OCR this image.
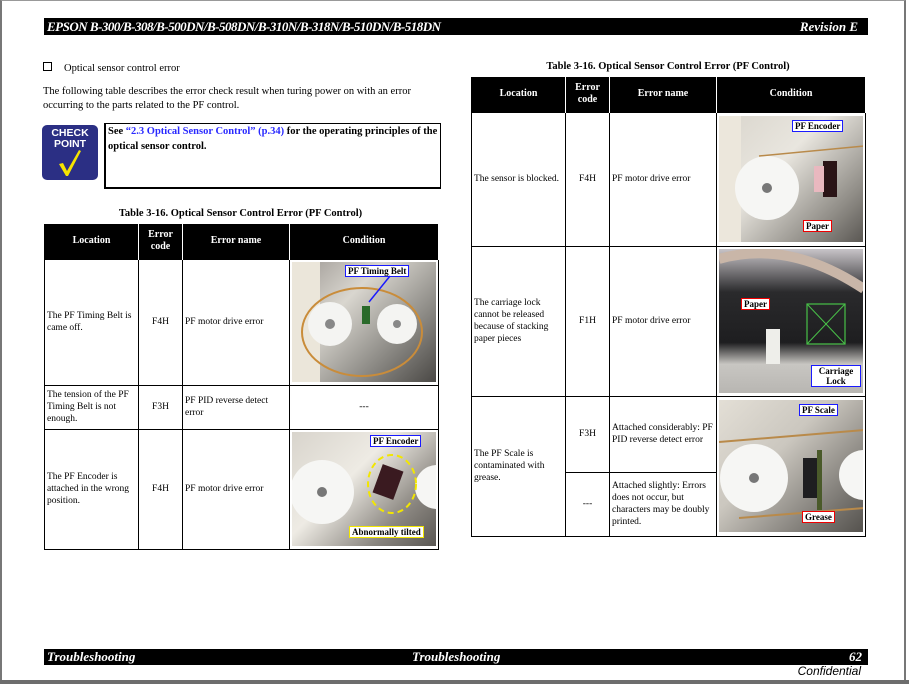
EPSON B-300/B-308/B-500DN/B-508DN/B-310N/B-318N/B-510DN/B-518DN	Revision E
Optical sensor control error
The following table describes the error check result when turing power on with an error occurring to the parts related to the PF control.
CHECK
POINT
See “2.3 Optical Sensor Control” (p.34) for the operating principles of the optical sensor control.
Table 3-16. Optical Sensor Control Error (PF Control)
Location	Error code	Error name	Condition
The PF Timing Belt is came off.	F4H	PF motor drive error	PF Timing Belt

The tension of the PF Timing Belt is not enough.	F3H	PF PID reverse detect error	---
The PF Encoder is attached in the wrong position.	F4H	PF motor drive error	PF Encoder
Abnormally tilted
Table 3-16. Optical Sensor Control Error (PF Control)
Location	Error code	Error name	Condition
The sensor is blocked.	F4H	PF motor drive error	PF Encoder
Paper

The carriage lock cannot be released because of stacking paper pieces	F1H	PF motor drive error	Paper
Carriage Lock

The PF Scale is contaminated with grease.	F3H	Attached considerably: PF PID reverse detect error	PF Scale
Grease

	---	Attached slightly: Errors does not occur, but characters may be doubly printed.	
Troubleshooting	Troubleshooting	62
Confidential
